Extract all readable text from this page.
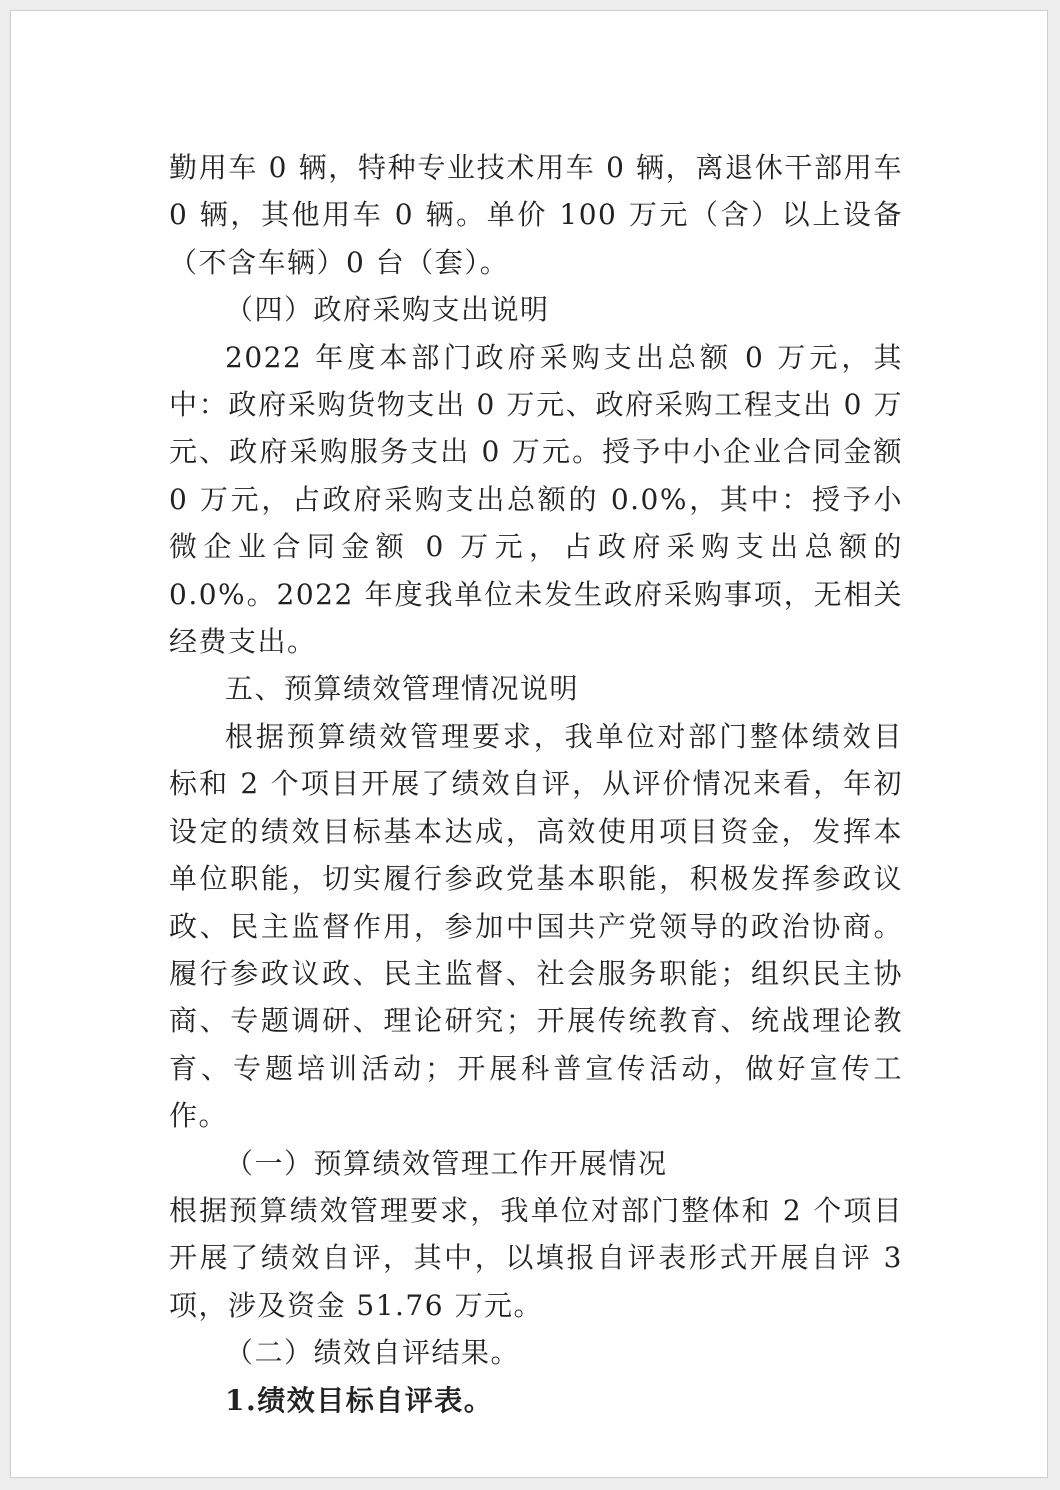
勤用车 0 辆，特种专业技术用车 0 辆，离退休干部用车 0 辆，其他用车 0 辆。单价 100 万元（含）以上设备（不含车辆）0 台（套）。

（四）政府采购支出说明

2022 年度本部门政府采购支出总额 0 万元，其中：政府采购货物支出 0 万元、政府采购工程支出 0 万元、政府采购服务支出 0 万元。授予中小企业合同金额 0 万元，占政府采购支出总额的 0.0%，其中：授予小微企业合同金额 0 万元，占政府采购支出总额的 0.0%。2022 年度我单位未发生政府采购事项，无相关经费支出。

五、预算绩效管理情况说明

根据预算绩效管理要求，我单位对部门整体绩效目标和 2 个项目开展了绩效自评，从评价情况来看，年初设定的绩效目标基本达成，高效使用项目资金，发挥本单位职能，切实履行参政党基本职能，积极发挥参政议政、民主监督作用，参加中国共产党领导的政治协商。履行参政议政、民主监督、社会服务职能；组织民主协商、专题调研、理论研究；开展传统教育、统战理论教育、专题培训活动；开展科普宣传活动，做好宣传工作。

（一）预算绩效管理工作开展情况

根据预算绩效管理要求，我单位对部门整体和 2 个项目开展了绩效自评，其中，以填报自评表形式开展自评 3 项，涉及资金 51.76 万元。

（二）绩效自评结果。

1.绩效目标自评表。
